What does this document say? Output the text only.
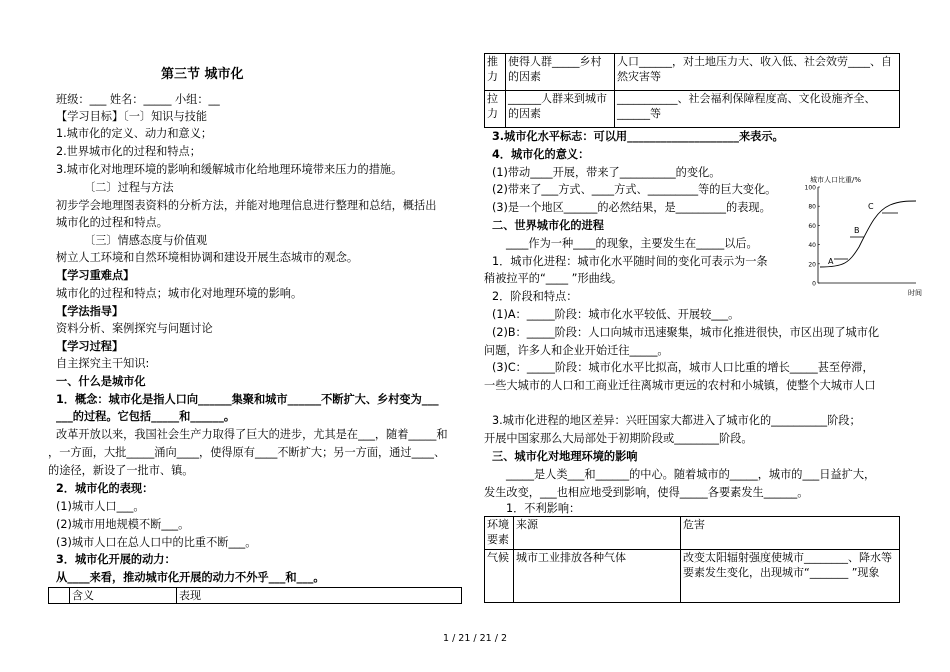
第三节 城市化
班级：___ 姓名：_____ 小组：__
【学习目标】〔一〕知识与技能
1.城市化的定义、动力和意义；
2.世界城市化的过程和特点；
3.城市化对地理环境的影响和缓解城市化给地理环境带来压力的措施。
〔二〕过程与方法
初步学会地理图表资料的分析方法，并能对地理信息进行整理和总结，概括出
城市化的过程和特点。
〔三〕情感态度与价值观
树立人工环境和自然环境相协调和建设开展生态城市的观念。
【学习重难点】
城市化的过程和特点；城市化对地理环境的影响。
【学法指导】
资料分析、案例探究与问题讨论
【学习过程】
自主探究主干知识:
一、什么是城市化
1．概念：城市化是指人口向______集聚和城市______不断扩大、乡村变为___
___的过程。它包括_____和______。
改革开放以来，我国社会生产力取得了巨大的进步，尤其是在___，随着_____和
，一方面，大批_____涌向____，使得原有____不断扩大；另一方面，通过____、
的途径，新设了一批市、镇。
2．城市化的表现：
(1)城市人口___。
(2)城市用地规模不断___。
(3)城市人口在总人口中的比重不断___。
3．城市化开展的动力：
从____来看，推动城市化开展的动力不外乎___和___。
	含义	表现
推力	使得人群_____乡村的因素	人口______，对土地压力大、收入低、社会效劳____、自然灾害等
拉力	______人群来到城市的因素	___________、社会福利保障程度高、文化设施齐全、______等
3.城市化水平标志：可以用____________________来表示。
4．城市化的意义：
(1)带动____开展，带来了__________的变化。
(2)带来了___方式、____方式、_________等的巨大变化。
(3)是一个地区______的必然结果，是_________的表现。
二、世界城市化的进程
____作为一种____的现象，主要发生在_____以后。
1．城市化进程：城市化水平随时间的变化可表示为一条
稍被拉平的“____ ”形曲线。
2．阶段和特点：
(1)A：_____阶段：城市化水平较低、开展较___。
(2)B：_____阶段：人口向城市迅速聚集，城市化推进很快，市区出现了城市化
问题，许多人和企业开始迁往_____。
(3)C：_____阶段：城市化水平比拟高，城市人口比重的增长_____甚至停滞，
一些大城市的人口和工商业迁往离城市更远的农村和小城镇，使整个大城市人口
3.城市化进程的地区差异：兴旺国家大都进入了城市化的__________阶段；
开展中国家那么大局部处于初期阶段或________阶段。
三、城市化对地理环境的影响
_____是人类___和______的中心。随着城市的_____，城市的___日益扩大，
发生改变，___也相应地受到影响，使得_____各要素发生______。
1．不利影响：
环境要素	来源	危害
气候	城市工业排放各种气体	改变太阳辐射强度使城市________、降水等要素发生变化，出现城市“_______ ”现象
城市人口比重/%
0
20
40
60
80
100
A
B
C
时间
1 / 21 / 21 / 2
